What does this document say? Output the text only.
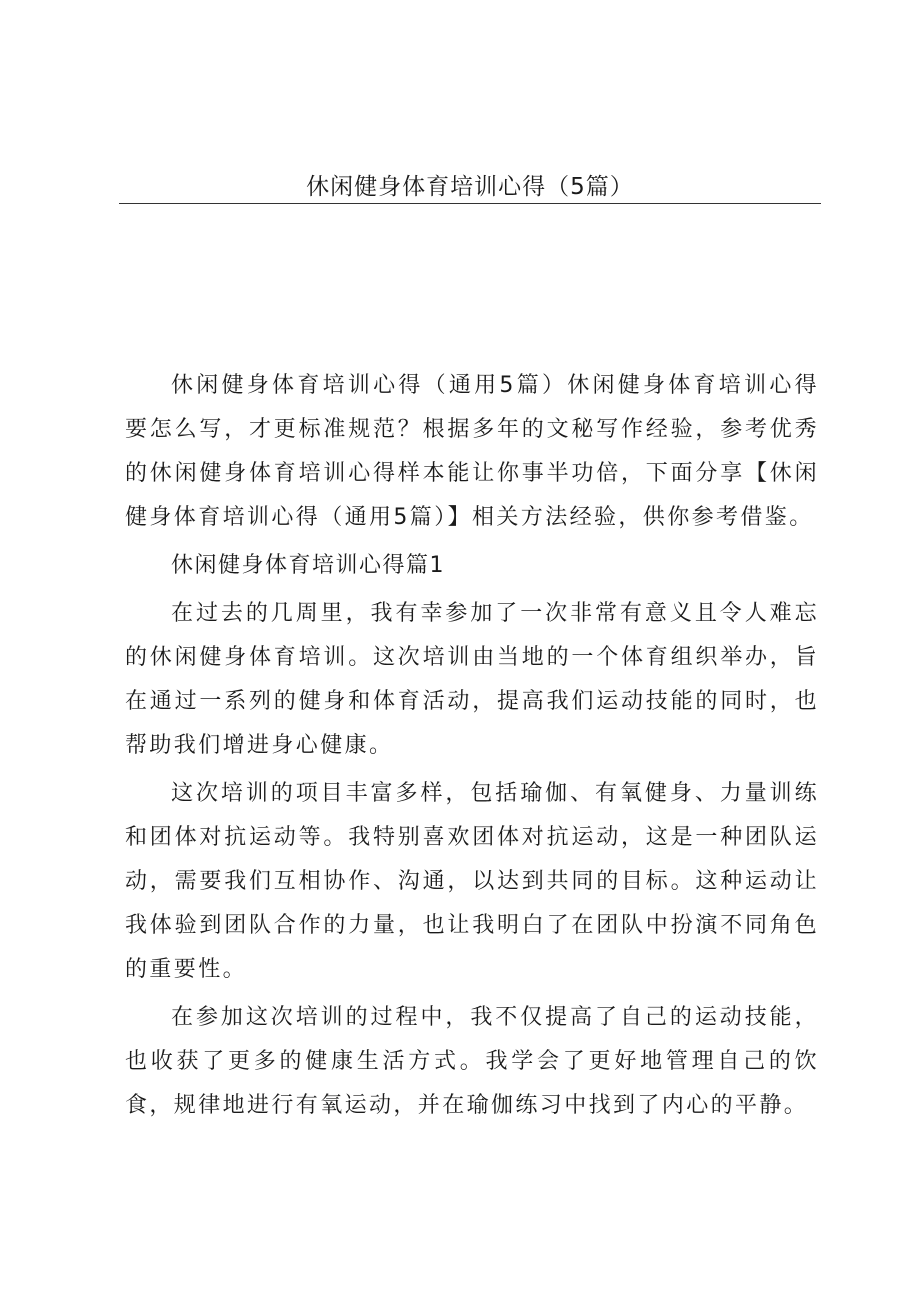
休闲健身体育培训心得（5篇）

休闲健身体育培训心得（通用5篇）休闲健身体育培训心得要怎么写，才更标准规范？根据多年的文秘写作经验，参考优秀的休闲健身体育培训心得样本能让你事半功倍，下面分享【休闲健身体育培训心得（通用5篇）】相关方法经验，供你参考借鉴。

休闲健身体育培训心得篇1

在过去的几周里，我有幸参加了一次非常有意义且令人难忘的休闲健身体育培训。这次培训由当地的一个体育组织举办，旨在通过一系列的健身和体育活动，提高我们运动技能的同时，也帮助我们增进身心健康。

这次培训的项目丰富多样，包括瑜伽、有氧健身、力量训练和团体对抗运动等。我特别喜欢团体对抗运动，这是一种团队运动，需要我们互相协作、沟通，以达到共同的目标。这种运动让我体验到团队合作的力量，也让我明白了在团队中扮演不同角色的重要性。

在参加这次培训的过程中，我不仅提高了自己的运动技能，也收获了更多的健康生活方式。我学会了更好地管理自己的饮食，规律地进行有氧运动，并在瑜伽练习中找到了内心的平静。
